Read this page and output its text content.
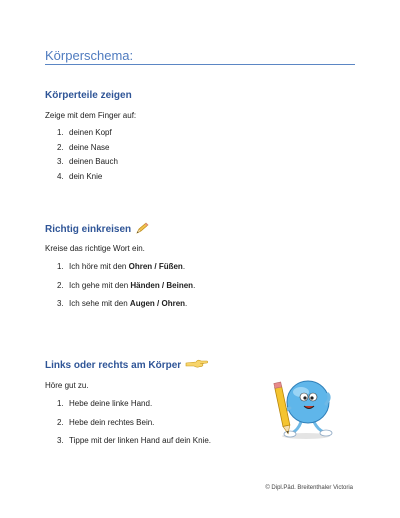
Körperschema:
Körperteile zeigen
Zeige mit dem Finger auf:
1. deinen Kopf
2. deine Nase
3. deinen Bauch
4. dein Knie
Richtig einkreisen
Kreise das richtige Wort ein.
1. Ich höre mit den Ohren / Füßen.
2. Ich gehe mit den Händen / Beinen.
3. Ich sehe mit den Augen / Ohren.
Links oder rechts am Körper
Höre gut zu.
1. Hebe deine linke Hand.
2. Hebe dein rechtes Bein.
3. Tippe mit der linken Hand auf dein Knie.
© Dipl.Päd. Breitenthaler Victoria
